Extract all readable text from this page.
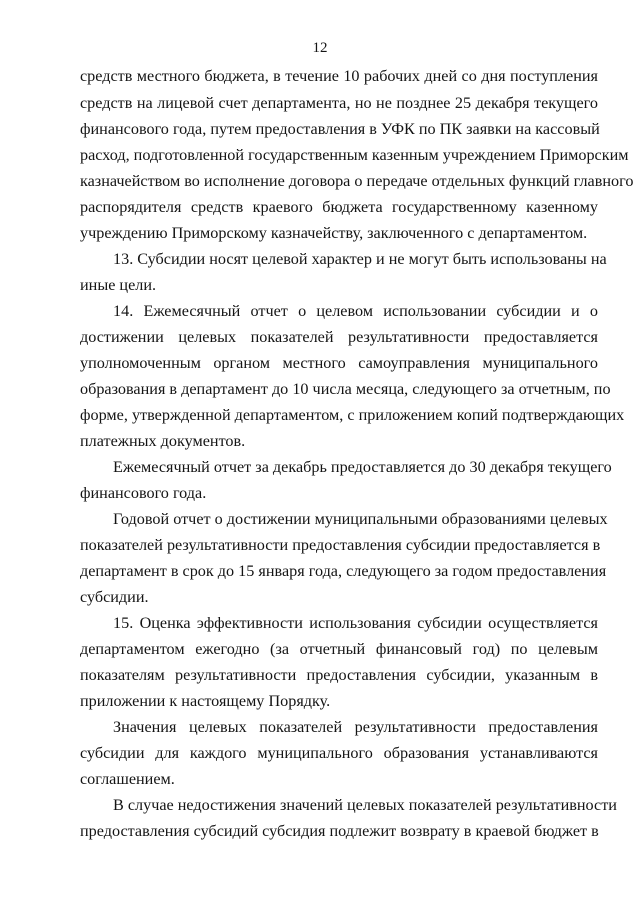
12
средств местного бюджета, в течение 10 рабочих дней со дня поступления
средств на лицевой счет департамента, но не позднее 25 декабря текущего
финансового года, путем предоставления в УФК по ПК заявки на кассовый
расход, подготовленной государственным казенным учреждением Приморским
казначейством во исполнение договора о передаче отдельных функций главного
распорядителя средств краевого бюджета государственному казенному
учреждению Приморскому казначейству, заключенного с департаментом.
13. Субсидии носят целевой характер и не могут быть использованы на
иные цели.
14. Ежемесячный отчет о целевом использовании субсидии и о
достижении целевых показателей результативности предоставляется
уполномоченным органом местного самоуправления муниципального
образования в департамент до 10 числа месяца, следующего за отчетным, по
форме, утвержденной департаментом, с приложением копий подтверждающих
платежных документов.
Ежемесячный отчет за декабрь предоставляется до 30 декабря текущего
финансового года.
Годовой отчет о достижении муниципальными образованиями целевых
показателей результативности предоставления субсидии предоставляется в
департамент в срок до 15 января года, следующего за годом предоставления
субсидии.
15. Оценка эффективности использования субсидии осуществляется
департаментом ежегодно (за отчетный финансовый год) по целевым
показателям результативности предоставления субсидии, указанным в
приложении к настоящему Порядку.
Значения целевых показателей результативности предоставления
субсидии для каждого муниципального образования устанавливаются
соглашением.
В случае недостижения значений целевых показателей результативности
предоставления субсидий субсидия подлежит возврату в краевой бюджет в
